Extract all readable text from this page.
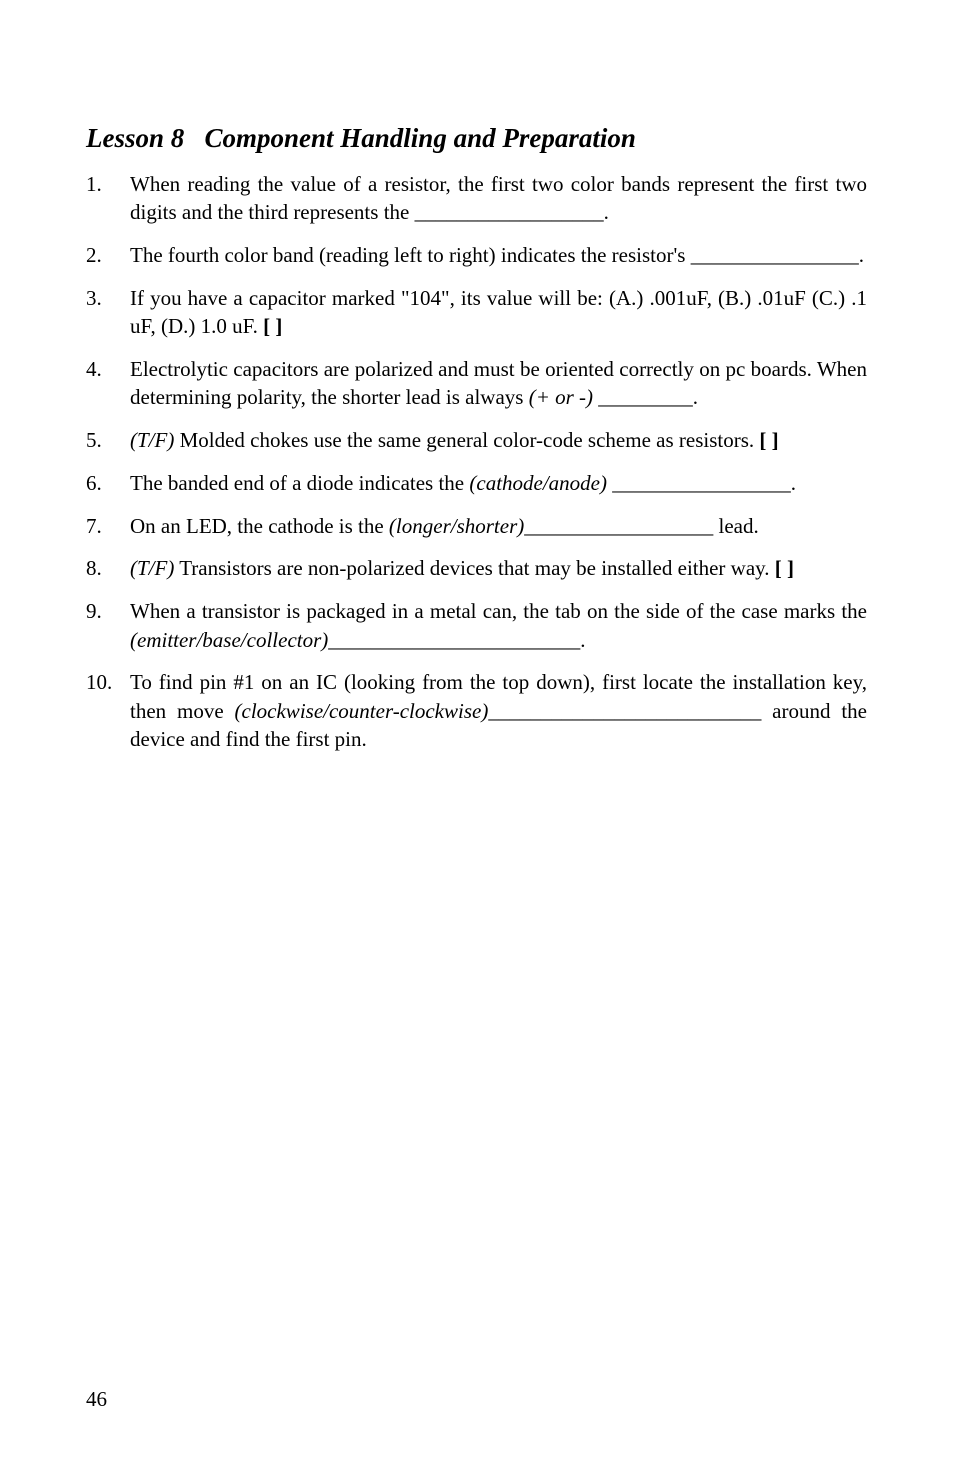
Lesson 8   Component Handling and Preparation
1. When reading the value of a resistor, the first two color bands represent the first two digits and the third represents the __________________.
2. The fourth color band (reading left to right) indicates the resistor's ________________.
3. If you have a capacitor marked "104", its value will be: (A.) .001uF, (B.) .01uF (C.) .1 uF, (D.) 1.0 uF. [ ]
4. Electrolytic capacitors are polarized and must be oriented correctly on pc boards. When determining polarity, the shorter lead is always (+ or -) _________.
5. (T/F) Molded chokes use the same general color-code scheme as resistors. [ ]
6. The banded end of a diode indicates the (cathode/anode) _________________.
7. On an LED, the cathode is the (longer/shorter)__________________ lead.
8. (T/F) Transistors are non-polarized devices that may be installed either way. [ ]
9. When a transistor is packaged in a metal can, the tab on the side of the case marks the (emitter/base/collector)________________________.
10. To find pin #1 on an IC (looking from the top down), first locate the installation key, then move (clockwise/counter-clockwise)__________________________ around the device and find the first pin.
46
